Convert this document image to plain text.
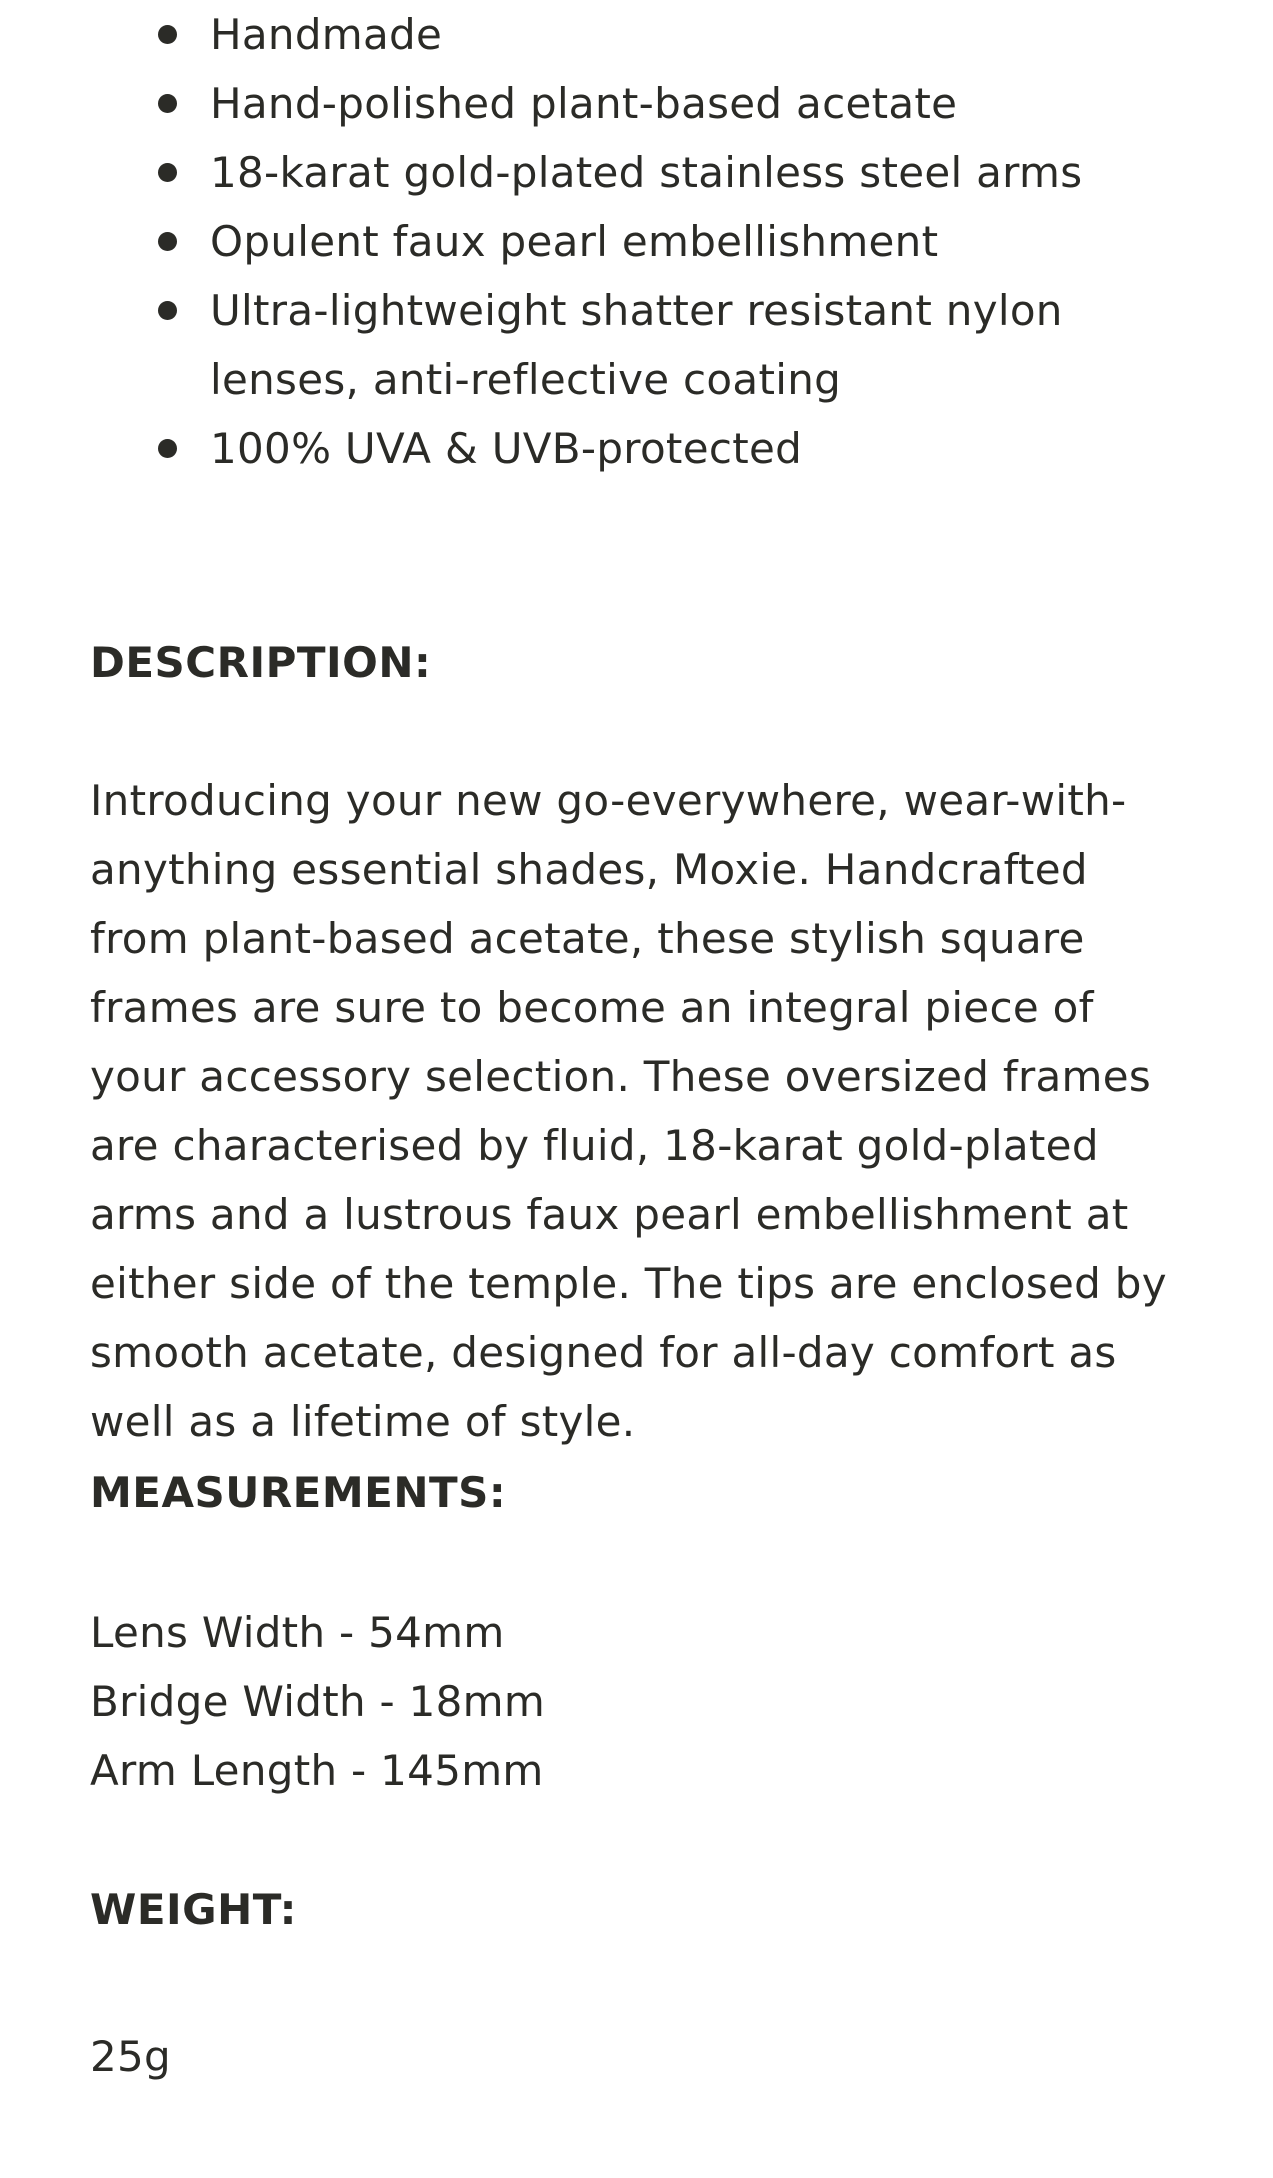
Handmade
Hand-polished plant-based acetate
18-karat gold-plated stainless steel arms
Opulent faux pearl embellishment
Ultra-lightweight shatter resistant nylon lenses, anti-reflective coating
100% UVA & UVB-protected
DESCRIPTION:

Introducing your new go-everywhere, wear-with-anything essential shades, Moxie. Handcrafted from plant-based acetate, these stylish square frames are sure to become an integral piece of your accessory selection. These oversized frames are characterised by fluid, 18-karat gold-plated arms and a lustrous faux pearl embellishment at either side of the temple. The tips are enclosed by smooth acetate, designed for all-day comfort as well as a lifetime of style.

MEASUREMENTS:

Lens Width - 54mm

Bridge Width - 18mm

Arm Length - 145mm

WEIGHT:

25g
